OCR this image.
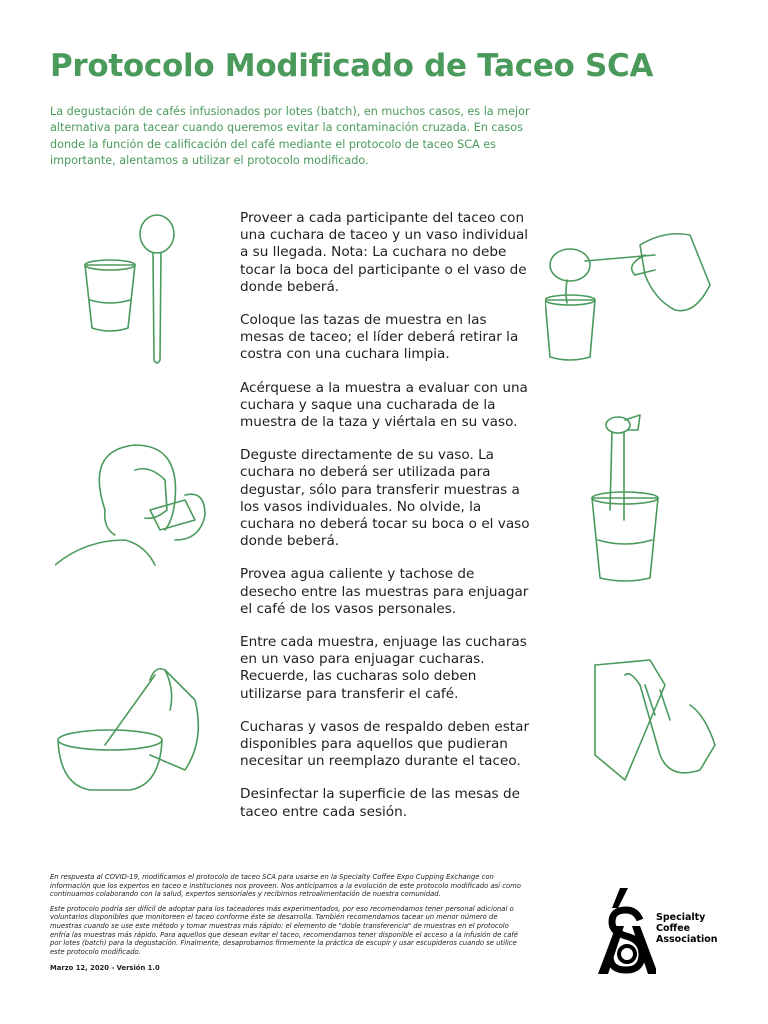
Protocolo Modificado de Taceo SCA

La degustación de cafés infusionados por lotes (batch), en muchos casos, es la mejor alternativa para tacear cuando queremos evitar la contaminación cruzada. En casos donde la función de calificación del café mediante el protocolo de taceo SCA es importante, alentamos a utilizar el protocolo modificado.

Proveer a cada participante del taceo con una cuchara de taceo y un vaso individual a su llegada. Nota: La cuchara no debe tocar la boca del participante o el vaso de donde beberá.

Coloque las tazas de muestra en las mesas de taceo; el líder deberá retirar la costra con una cuchara limpia.

Acérquese a la muestra a evaluar con una cuchara y saque una cucharada de la muestra de la taza y viértala en su vaso.

Deguste directamente de su vaso. La cuchara no deberá ser utilizada para degustar, sólo para transferir muestras a los vasos individuales. No olvide, la cuchara no deberá tocar su boca o el vaso donde beberá.

Provea agua caliente y tachose de desecho entre las muestras para enjuagar el café de los vasos personales.

Entre cada muestra, enjuage las cucharas en un vaso para enjuagar cucharas. Recuerde, las cucharas solo deben utilizarse para transferir el café.

Cucharas y vasos de respaldo deben estar disponibles para aquellos que pudieran necesitar un reemplazo durante el taceo.

Desinfectar la superficie de las mesas de taceo entre cada sesión.

En respuesta al COVID-19, modificamos el protocolo de taceo SCA para usarse en la Specialty Coffee Expo Cupping Exchange con información que los expertos en taceo e instituciones nos proveen. Nos anticipamos a la evolución de este protocolo modificado así como continuamos colaborando con la salud, expertos sensoriales y recibimos retroalimentación de nuestra comunidad.

Este protocolo podría ser difícil de adoptar para los taceadores más experimentados, por eso recomendamos tener personal adicional o voluntarios disponibles que monitoreen el taceo conforme éste se desarrolla. También recomendamos tacear un menor número de muestras cuando se use este método y tomar muestras más rápido: el elemento de "doble transferencia" de muestras en el protocolo enfría las muestras más rápido. Para aquellos que desean evitar el taceo, recomendamos tener disponible el acceso a la infusión de café por lotes (batch) para la degustación. Finalmente, desaprobamos firmemente la práctica de escupir y usar escupideros cuando se utilice este protocolo modificado.

Marzo 12, 2020 - Versión 1.0

Specialty
Coffee
Association
